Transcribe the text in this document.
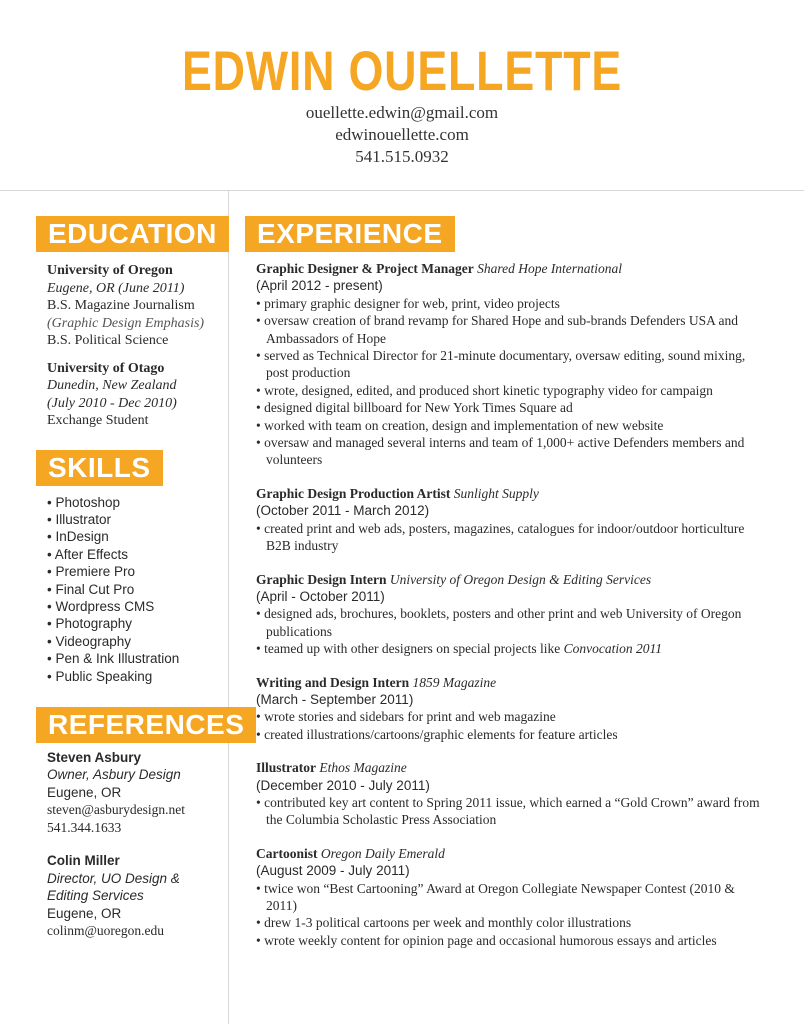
EDWIN OUELLETTE
ouellette.edwin@gmail.com
edwinouellette.com
541.515.0932
EDUCATION
University of Oregon
Eugene, OR (June 2011)
B.S. Magazine Journalism
(Graphic Design Emphasis)
B.S. Political Science
University of Otago
Dunedin, New Zealand
(July 2010 - Dec 2010)
Exchange Student
SKILLS
• Photoshop
• Illustrator
• InDesign
• After Effects
• Premiere Pro
• Final Cut Pro
• Wordpress CMS
• Photography
• Videography
• Pen & Ink Illustration
• Public Speaking
REFERENCES
Steven Asbury
Owner, Asbury Design
Eugene, OR
steven@asburydesign.net
541.344.1633
Colin Miller
Director, UO Design &
Editing Services
Eugene, OR
colinm@uoregon.edu
EXPERIENCE
Graphic Designer & Project Manager Shared Hope International
(April 2012 - present)
• primary graphic designer for web, print, video projects
• oversaw creation of brand revamp for Shared Hope and sub-brands Defenders USA and Ambassadors of Hope
• served as Technical Director for 21-minute documentary, oversaw editing, sound mixing, post production
• wrote, designed, edited, and produced short kinetic typography video for campaign
• designed digital billboard for New York Times Square ad
• worked with team on creation, design and implementation of new website
• oversaw and managed several interns and team of 1,000+ active Defenders members and volunteers
Graphic Design Production Artist Sunlight Supply
(October 2011 - March 2012)
• created print and web ads, posters, magazines, catalogues for indoor/outdoor horticulture B2B industry
Graphic Design Intern University of Oregon Design & Editing Services
(April - October 2011)
• designed ads, brochures, booklets, posters and other print and web University of Oregon publications
• teamed up with other designers on special projects like Convocation 2011
Writing and Design Intern 1859 Magazine
(March - September 2011)
• wrote stories and sidebars for print and web magazine
• created illustrations/cartoons/graphic elements for feature articles
Illustrator Ethos Magazine
(December 2010 - July 2011)
• contributed key art content to Spring 2011 issue, which earned a “Gold Crown” award from the Columbia Scholastic Press Association
Cartoonist Oregon Daily Emerald
(August 2009 - July 2011)
• twice won “Best Cartooning” Award at Oregon Collegiate Newspaper Contest (2010 & 2011)
• drew 1-3 political cartoons per week and monthly color illustrations
• wrote weekly content for opinion page and occasional humorous essays and articles
